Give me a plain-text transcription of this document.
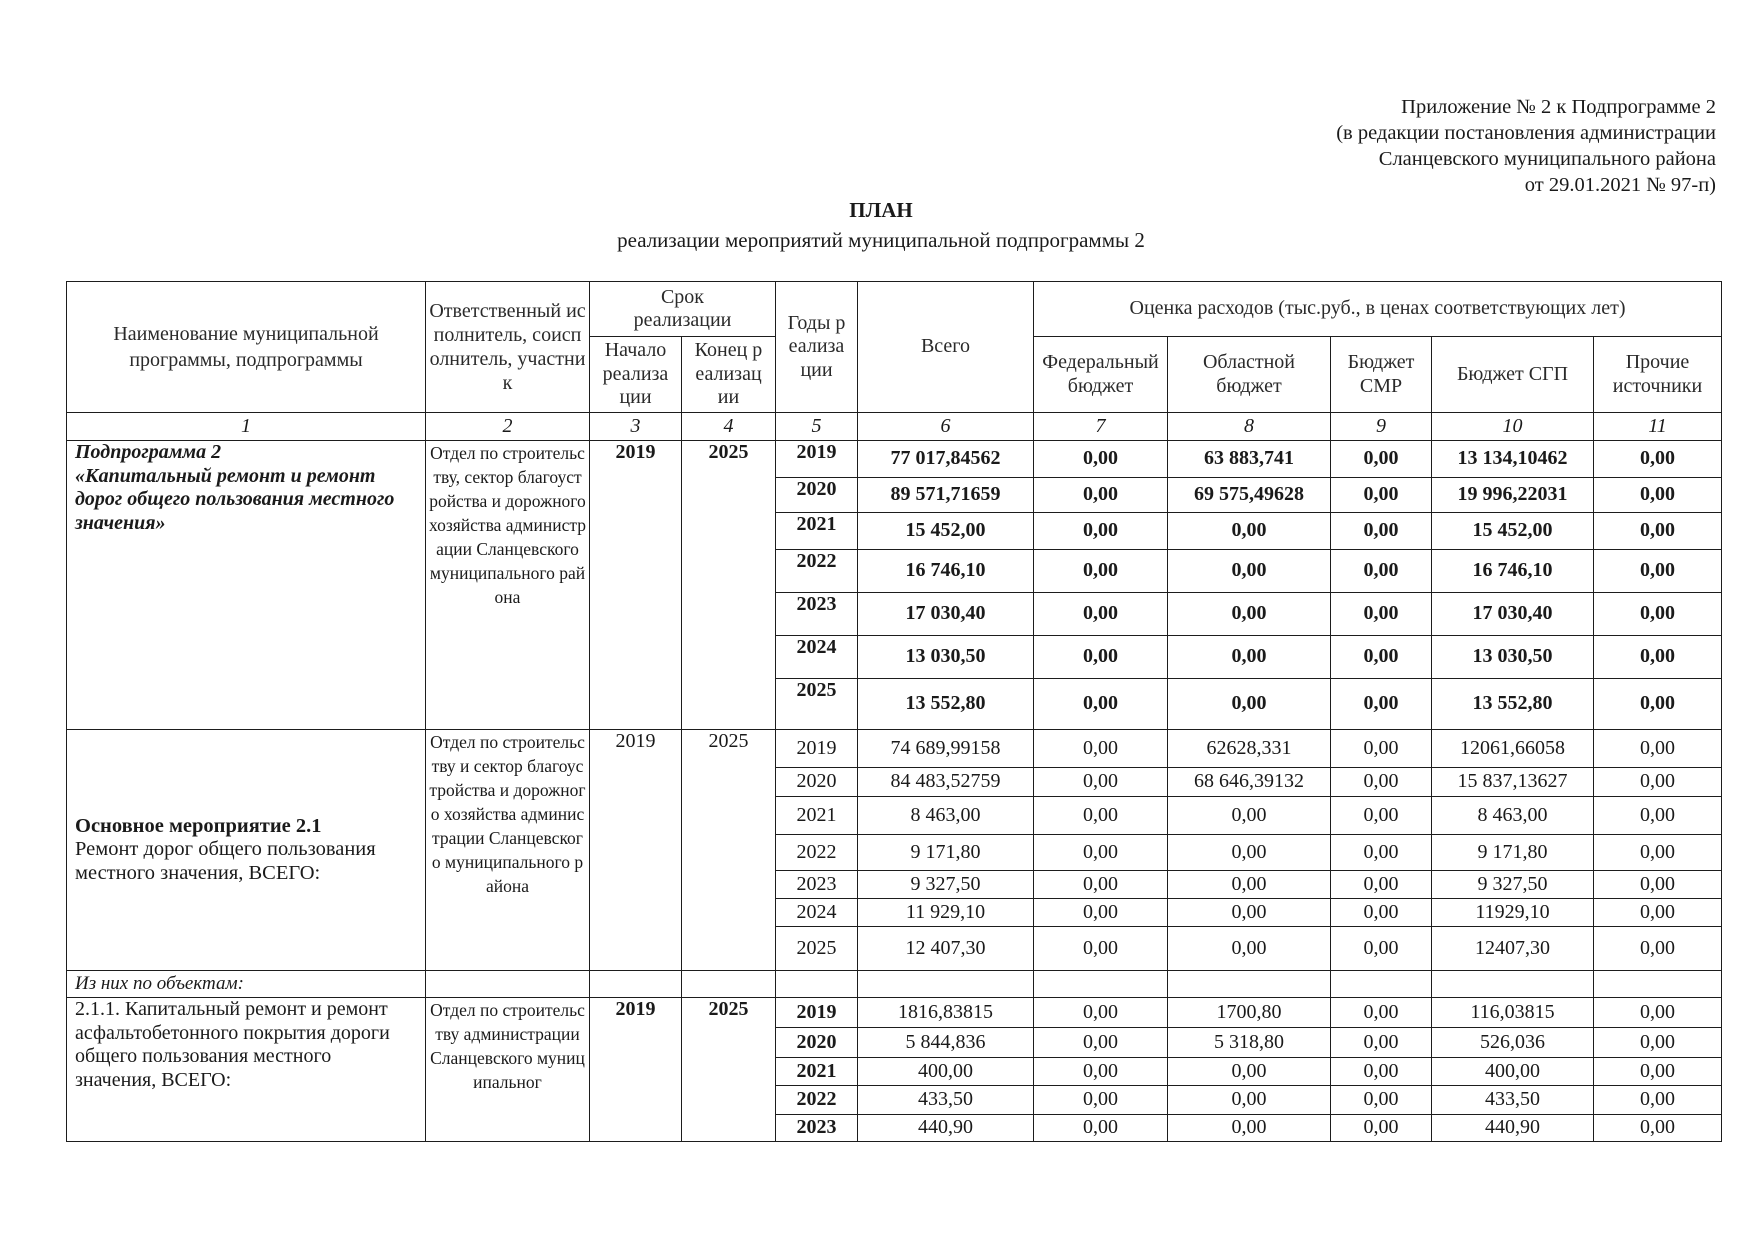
Приложение № 2 к Подпрограмме 2
(в редакции постановления администрации
Сланцевского муниципального района
от 29.01.2021 № 97-п)
ПЛАН
реализации мероприятий муниципальной подпрограммы 2
Наименование муниципальной программы, подпрограммы	Ответственный исполнитель, соисполнитель, участник	Срок реализации		Годы реализации	Всего	Оценка расходов (тыс.руб., в ценах соответствующих лет)				
		Начало реализации	Конец реализации			Федеральный бюджет	Областной бюджет	Бюджет СМР	Бюджет СГП	Прочие источники
1	2	3	4	5	6	7	8	9	10	11

Подпрограмма 2
«Капитальный ремонт и ремонт дорог общего пользования местного значения»	Отдел по строительству, сектор благоустройства и дорожного хозяйства администрации Сланцевского муниципального района	2019	2025	2019	77 017,84562	0,00	63 883,741	0,00	13 134,10462	0,00
				2020	89 571,71659	0,00	69 575,49628	0,00	19 996,22031	0,00
				2021	15 452,00	0,00	0,00	0,00	15 452,00	0,00
				2022	16 746,10	0,00	0,00	0,00	16 746,10	0,00
				2023	17 030,40	0,00	0,00	0,00	17 030,40	0,00
				2024	13 030,50	0,00	0,00	0,00	13 030,50	0,00
				2025	13 552,80	0,00	0,00	0,00	13 552,80	0,00

Основное мероприятие 2.1
Ремонт дорог общего пользования местного значения, ВСЕГО:	Отдел по строительству и сектор благоустройства и дорожного хозяйства администрации Сланцевского муниципального района	2019	2025	2019	74 689,99158	0,00	62628,331	0,00	12061,66058	0,00
				2020	84 483,52759	0,00	68 646,39132	0,00	15 837,13627	0,00
				2021	8 463,00	0,00	0,00	0,00	8 463,00	0,00
				2022	9 171,80	0,00	0,00	0,00	9 171,80	0,00
				2023	9 327,50	0,00	0,00	0,00	9 327,50	0,00
				2024	11 929,10	0,00	0,00	0,00	11929,10	0,00
				2025	12 407,30	0,00	0,00	0,00	12407,30	0,00
Из них по объектам:										
2.1.1. Капитальный ремонт и ремонт асфальтобетонного покрытия дороги общего пользования местного значения, ВСЕГО:	Отдел по строительству администрации Сланцевского муниципальног	2019	2025	2019	1816,83815	0,00	1700,80	0,00	116,03815	0,00
				2020	5 844,836	0,00	5 318,80	0,00	526,036	0,00
				2021	400,00	0,00	0,00	0,00	400,00	0,00
				2022	433,50	0,00	0,00	0,00	433,50	0,00
				2023	440,90	0,00	0,00	0,00	440,90	0,00
